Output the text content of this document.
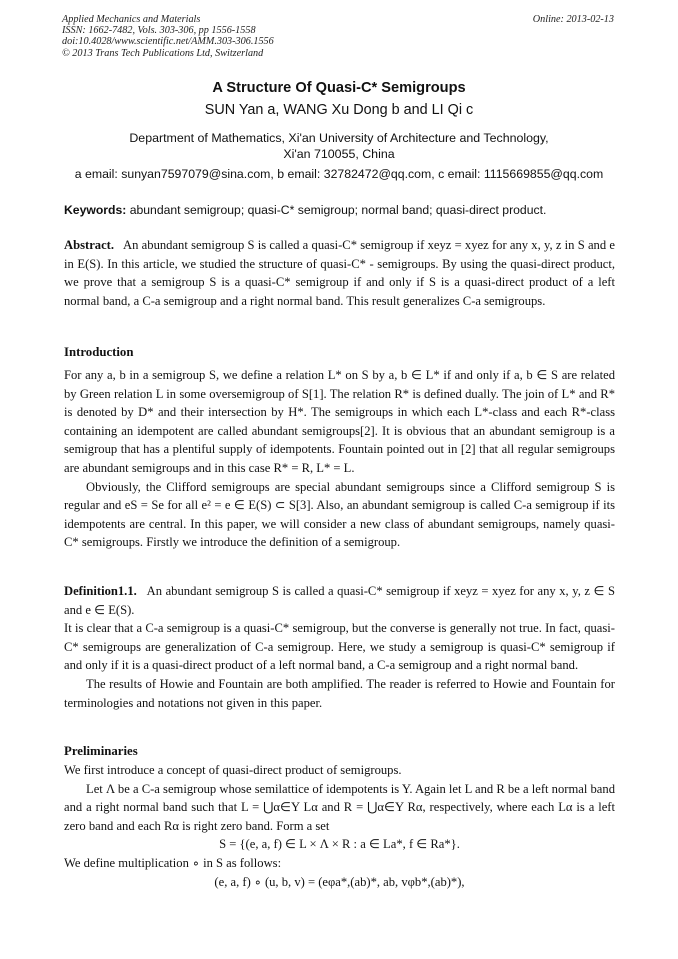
Applied Mechanics and Materials
ISSN: 1662-7482, Vols. 303-306, pp 1556-1558
doi:10.4028/www.scientific.net/AMM.303-306.1556
© 2013 Trans Tech Publications Ltd, Switzerland
Online: 2013-02-13
A Structure Of Quasi-C* Semigroups
SUN Yan a, WANG Xu Dong b and LI Qi c
Department of Mathematics, Xi'an University of Architecture and Technology,
Xi'an 710055, China
a email: sunyan7597079@sina.com, b email: 32782472@qq.com, c email: 1115669855@qq.com
Keywords: abundant semigroup; quasi-C* semigroup; normal band; quasi-direct product.

Abstract. An abundant semigroup S is called a quasi-C* semigroup if xeyz = xyez for any x, y, z in S and e in E(S). In this article, we studied the structure of quasi-C* - semigroups. By using the quasi-direct product, we prove that a semigroup S is a quasi-C* semigroup if and only if S is a quasi-direct product of a left normal band, a C-a semigroup and a right normal band. This result generalizes C-a semigroups.

Introduction

For any a, b in a semigroup S, we define a relation L* on S by a, b ∈ L* if and only if a, b ∈ S are related by Green relation L in some oversemigroup of S[1]. The relation R* is defined dually. The join of L* and R* is denoted by D* and their intersection by H*. The semigroups in which each L*-class and each R*-class containing an idempotent are called abundant semigroups[2]. It is obvious that an abundant semigroup is a semigroup that has a plentiful supply of idempotents. Fountain pointed out in [2] that all regular semigroups are abundant semigroups and in this case R* = R, L* = L.

Obviously, the Clifford semigroups are special abundant semigroups since a Clifford semigroup S is regular and eS = Se for all e² = e ∈ E(S) ⊂ S[3]. Also, an abundant semigroup is called C-a semigroup if its idempotents are central. In this paper, we will consider a new class of abundant semigroups, namely quasi-C* semigroups. Firstly we introduce the definition of a semigroup.

Definition1.1. An abundant semigroup S is called a quasi-C* semigroup if xeyz = xyez for any x, y, z ∈ S and e ∈ E(S).

It is clear that a C-a semigroup is a quasi-C* semigroup, but the converse is generally not true. In fact, quasi-C* semigroups are generalization of C-a semigroup. Here, we study a semigroup is quasi-C* semigroup if and only if it is a quasi-direct product of a left normal band, a C-a semigroup and a right normal band.

The results of Howie and Fountain are both amplified. The reader is referred to Howie and Fountain for terminologies and notations not given in this paper.

Preliminaries

We first introduce a concept of quasi-direct product of semigroups.

Let Λ be a C-a semigroup whose semilattice of idempotents is Y. Again let L and R be a left normal band and a right normal band such that L = ⋃α∈Y Lα and R = ⋃α∈Y Rα, respectively, where each Lα is a left zero band and each Rα is right zero band. Form a set

S = {(e, a, f) ∈ L × Λ × R : a ∈ La*, f ∈ Ra*}.

We define multiplication ∘ in S as follows:

(e, a, f) ∘ (u, b, v) = (eφa*,(ab)*, ab, vφb*,(ab)*),
